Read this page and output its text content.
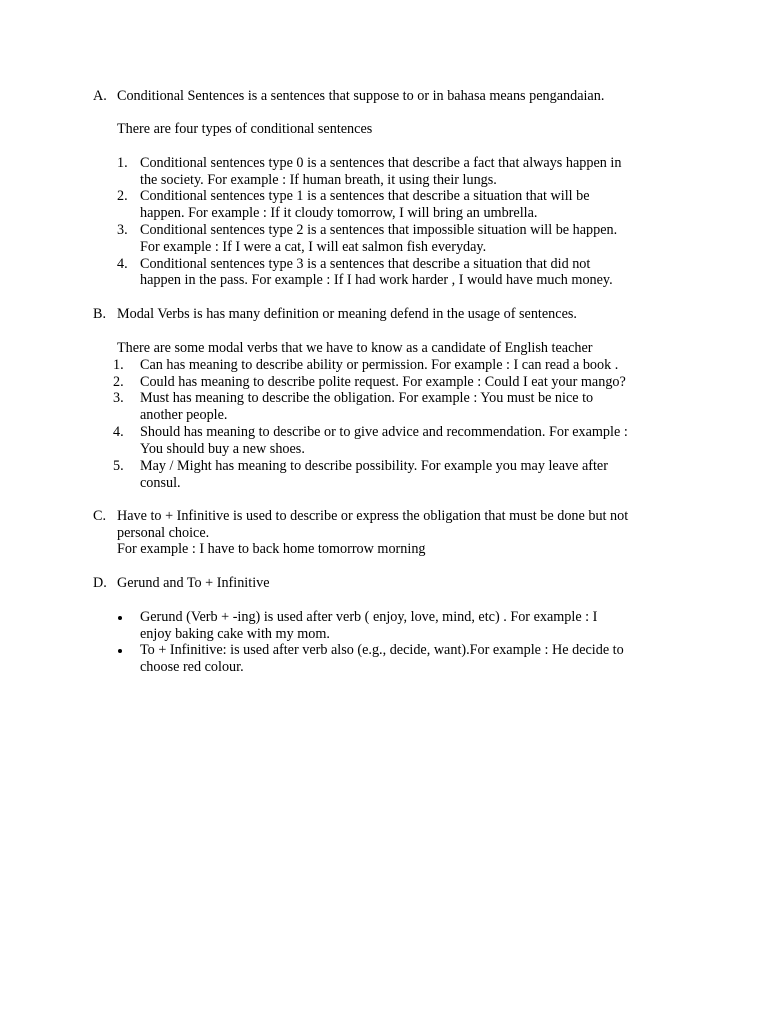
A. Conditional Sentences is a sentences that suppose to or in bahasa means pengandaian.
There are four types of conditional sentences
1. Conditional sentences type 0 is a sentences that describe a fact that always happen in
the society. For example : If human breath, it using their lungs.
2. Conditional sentences type 1 is a sentences that describe a situation that will be
happen. For example : If it cloudy tomorrow, I will bring an umbrella.
3. Conditional sentences type 2 is a sentences that impossible situation will be happen.
For example : If I were a cat, I will eat salmon fish everyday.
4. Conditional sentences type 3 is a sentences that describe a situation that did not
happen in the pass. For example : If I had work harder , I would have much money.
B. Modal Verbs is has many definition or meaning defend in the usage of sentences.
There are some modal verbs that we have to know as a candidate of English teacher
1. Can has meaning to describe ability or permission. For example : I can read a book .
2. Could has meaning to describe polite request. For example : Could I eat your mango?
3. Must has meaning to describe the obligation. For example : You must be nice to
another people.
4. Should has meaning to describe or to give advice and recommendation. For example :
You should buy a new shoes.
5. May / Might has meaning to describe possibility. For example you may leave after
consul.
C. Have to + Infinitive is used to describe or express the obligation that must be done but not
personal choice.
For example : I have to back home tomorrow morning
D. Gerund and To + Infinitive
Gerund (Verb + -ing) is used after verb ( enjoy, love, mind, etc) . For example : I
enjoy baking cake with my mom.
To + Infinitive: is used after verb also (e.g., decide, want).For example : He decide to
choose red colour.
